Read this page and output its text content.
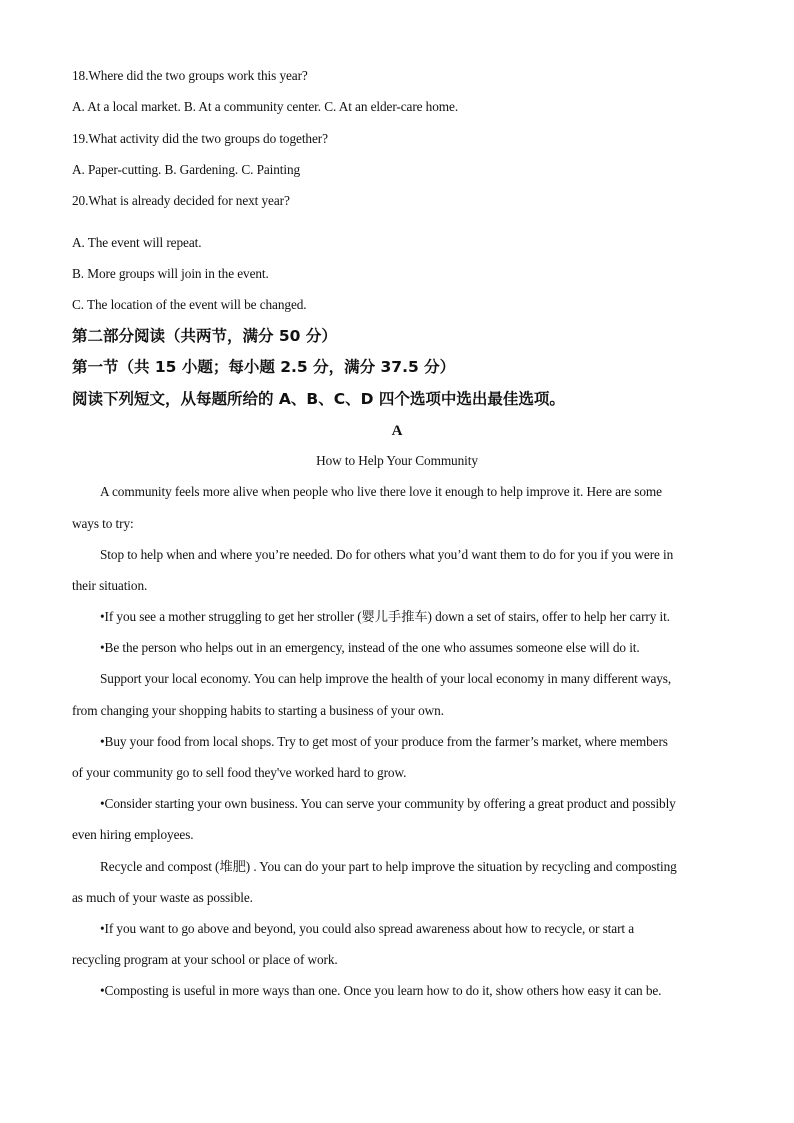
18.Where did the two groups work this year?
A. At a local market. B. At a community center. C. At an elder-care home.
19.What activity did the two groups do together?
A. Paper-cutting. B. Gardening. C. Painting
20.What is already decided for next year?
A. The event will repeat.
B. More groups will join in the event.
C. The location of the event will be changed.
第二部分阅读（共两节，满分 50 分）
第一节（共 15 小题；每小题 2.5 分，满分 37.5 分）
阅读下列短文，从每题所给的 A、B、C、D 四个选项中选出最佳选项。
A
How to Help Your Community
A community feels more alive when people who live there love it enough to help improve it. Here are some
ways to try:
Stop to help when and where you’re needed. Do for others what you’d want them to do for you if you were in
their situation.
•If you see a mother struggling to get her stroller (婴儿手推车) down a set of stairs, offer to help her carry it.
•Be the person who helps out in an emergency, instead of the one who assumes someone else will do it.
Support your local economy. You can help improve the health of your local economy in many different ways,
from changing your shopping habits to starting a business of your own.
•Buy your food from local shops. Try to get most of your produce from the farmer’s market, where members
of your community go to sell food they've worked hard to grow.
•Consider starting your own business. You can serve your community by offering a great product and possibly
even hiring employees.
Recycle and compost (堆肥) . You can do your part to help improve the situation by recycling and composting
as much of your waste as possible.
•If you want to go above and beyond, you could also spread awareness about how to recycle, or start a
recycling program at your school or place of work.
•Composting is useful in more ways than one. Once you learn how to do it, show others how easy it can be.
